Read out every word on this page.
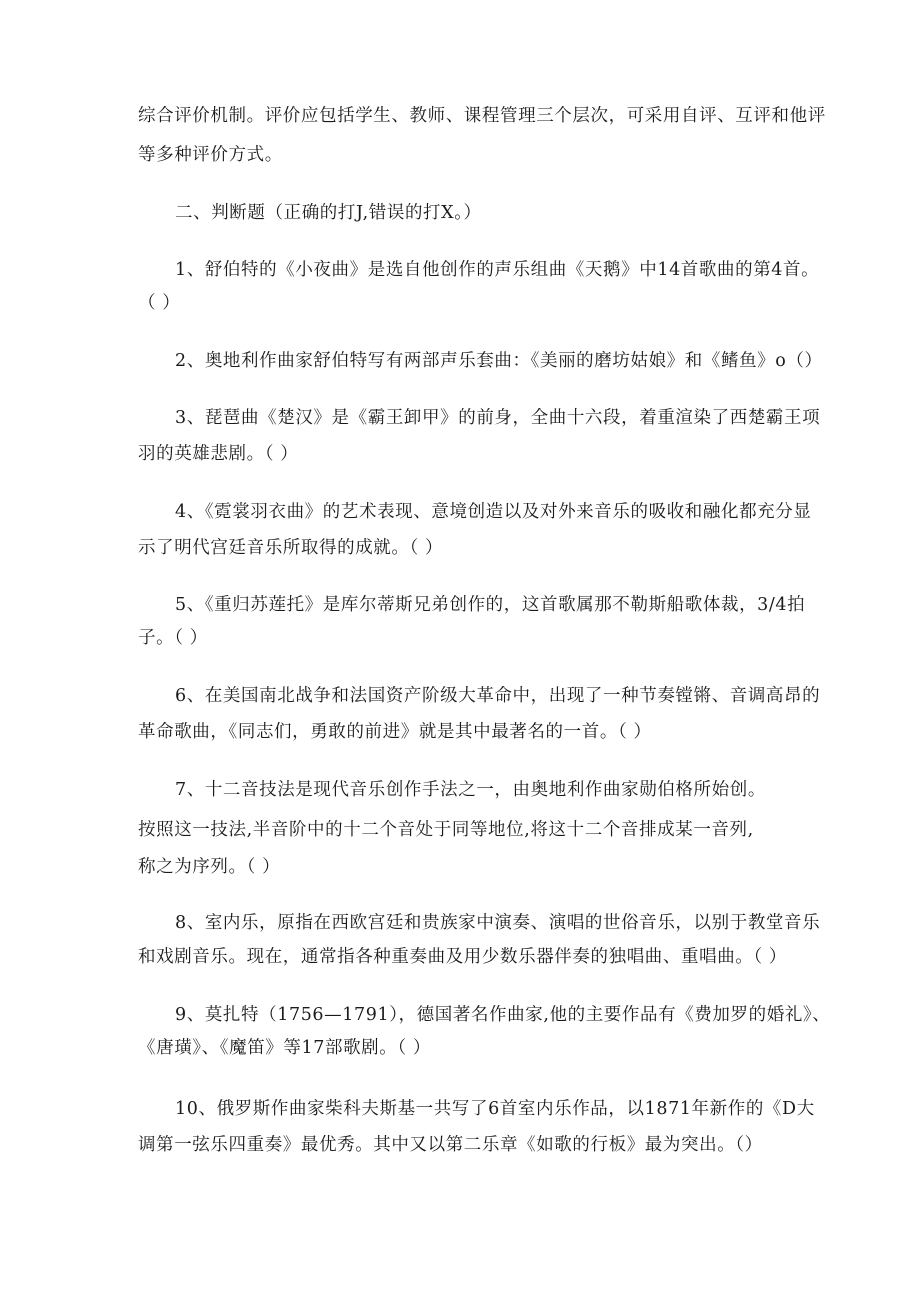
综合评价机制。评价应包括学生、教师、课程管理三个层次，可采用自评、互评和他评
等多种评价方式。
二、判断题（正确的打J,错误的打X。）
1、舒伯特的《小夜曲》是选自他创作的声乐组曲《天鹅》中14首歌曲的第4首。
（ ）
2、奥地利作曲家舒伯特写有两部声乐套曲：《美丽的磨坊姑娘》和《鳍鱼》o（）
3、琵琶曲《楚汉》是《霸王卸甲》的前身，全曲十六段，着重渲染了西楚霸王项
羽的英雄悲剧。（ ）
4、《霓裳羽衣曲》的艺术表现、意境创造以及对外来音乐的吸收和融化都充分显
示了明代宫廷音乐所取得的成就。（ ）
5、《重归苏莲托》是库尔蒂斯兄弟创作的，这首歌属那不勒斯船歌体裁，3/4拍
子。（ ）
6、在美国南北战争和法国资产阶级大革命中，出现了一种节奏镗锵、音调高昂的
革命歌曲，《同志们，勇敢的前进》就是其中最著名的一首。（ ）
7、十二音技法是现代音乐创作手法之一，由奥地利作曲家勋伯格所始创。
按照这一技法,半音阶中的十二个音处于同等地位,将这十二个音排成某一音列,
称之为序列。（ ）
8、室内乐，原指在西欧宫廷和贵族家中演奏、演唱的世俗音乐，以别于教堂音乐
和戏剧音乐。现在，通常指各种重奏曲及用少数乐器伴奏的独唱曲、重唱曲。（ ）
9、莫扎特（1756—1791），德国著名作曲家,他的主要作品有《费加罗的婚礼》、
《唐璜》、《魔笛》等17部歌剧。（ ）
10、俄罗斯作曲家柴科夫斯基一共写了6首室内乐作品，以1871年新作的《D大
调第一弦乐四重奏》最优秀。其中又以第二乐章《如歌的行板》最为突出。（）
